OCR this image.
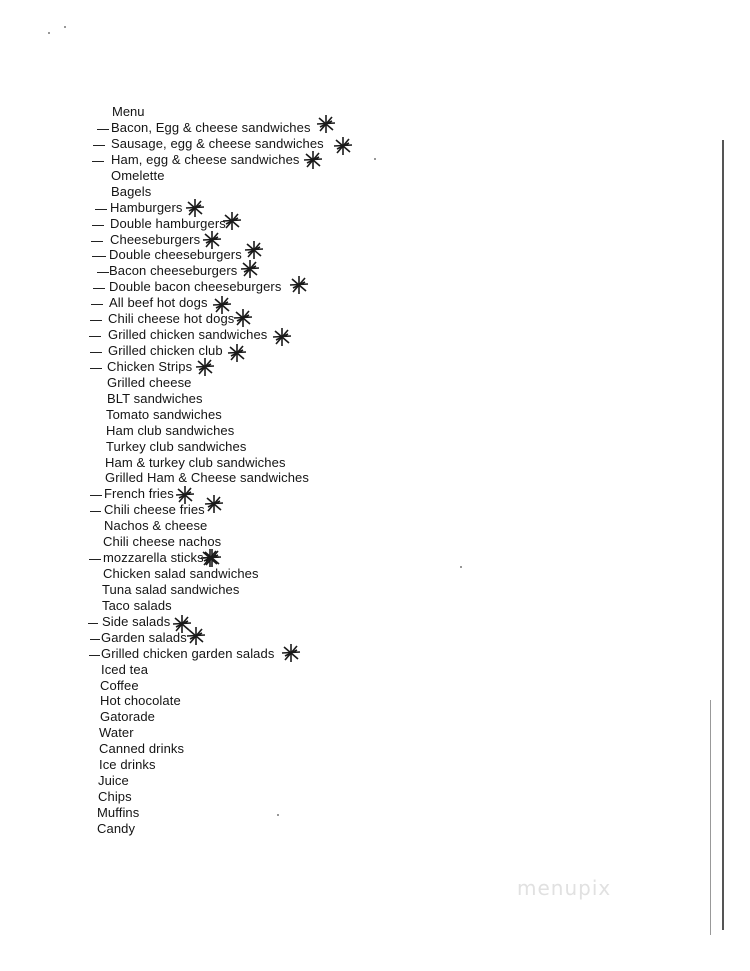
Menu
Bacon, Egg & cheese sandwiches
Sausage, egg & cheese sandwiches
Ham, egg & cheese sandwiches
Omelette
Bagels
Hamburgers
Double hamburgers
Cheeseburgers
Double cheeseburgers
Bacon cheeseburgers
Double bacon cheeseburgers
All beef hot dogs
Chili cheese hot dogs
Grilled chicken sandwiches
Grilled chicken club
Chicken Strips
Grilled cheese
BLT sandwiches
Tomato sandwiches
Ham club sandwiches
Turkey club sandwiches
Ham & turkey club sandwiches
Grilled Ham & Cheese sandwiches
French fries
Chili cheese fries
Nachos & cheese
Chili cheese nachos
mozzarella sticks
Chicken salad sandwiches
Tuna salad sandwiches
Taco salads
Side salads
Garden salads
Grilled chicken garden salads
Iced tea
Coffee
Hot chocolate
Gatorade
Water
Canned drinks
Ice drinks
Juice
Chips
Muffins
Candy
menupix
